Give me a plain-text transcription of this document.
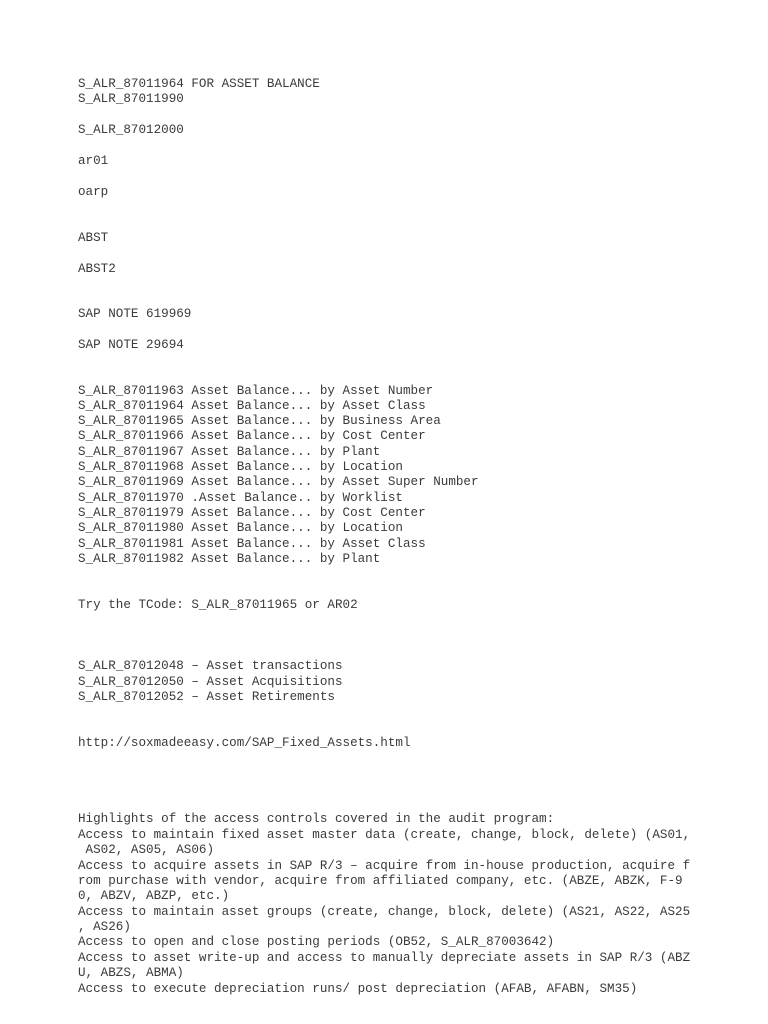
S_ALR_87011964 FOR ASSET BALANCE

S_ALR_87011990

S_ALR_87012000

ar01

oarp

ABST

ABST2

SAP NOTE 619969

SAP NOTE 29694

S_ALR_87011963 Asset Balance... by Asset Number

S_ALR_87011964 Asset Balance... by Asset Class

S_ALR_87011965 Asset Balance... by Business Area

S_ALR_87011966 Asset Balance... by Cost Center

S_ALR_87011967 Asset Balance... by Plant

S_ALR_87011968 Asset Balance... by Location

S_ALR_87011969 Asset Balance... by Asset Super Number

S_ALR_87011970 .Asset Balance.. by Worklist

S_ALR_87011979 Asset Balance... by Cost Center

S_ALR_87011980 Asset Balance... by Location

S_ALR_87011981 Asset Balance... by Asset Class

S_ALR_87011982 Asset Balance... by Plant

Try the TCode: S_ALR_87011965 or AR02

S_ALR_87012048 – Asset transactions

S_ALR_87012050 – Asset Acquisitions

S_ALR_87012052 – Asset Retirements

http://soxmadeeasy.com/SAP_Fixed_Assets.html

Highlights of the access controls covered in the audit program:

Access to maintain fixed asset master data (create, change, block, delete) (AS01,

AS02, AS05, AS06)

Access to acquire assets in SAP R/3 – acquire from in-house production, acquire f

rom purchase with vendor, acquire from affiliated company, etc. (ABZE, ABZK, F-9

0, ABZV, ABZP, etc.)

Access to maintain asset groups (create, change, block, delete) (AS21, AS22, AS25

, AS26)

Access to open and close posting periods (OB52, S_ALR_87003642)

Access to asset write-up and access to manually depreciate assets in SAP R/3 (ABZ

U, ABZS, ABMA)

Access to execute depreciation runs/ post depreciation (AFAB, AFABN, SM35)
